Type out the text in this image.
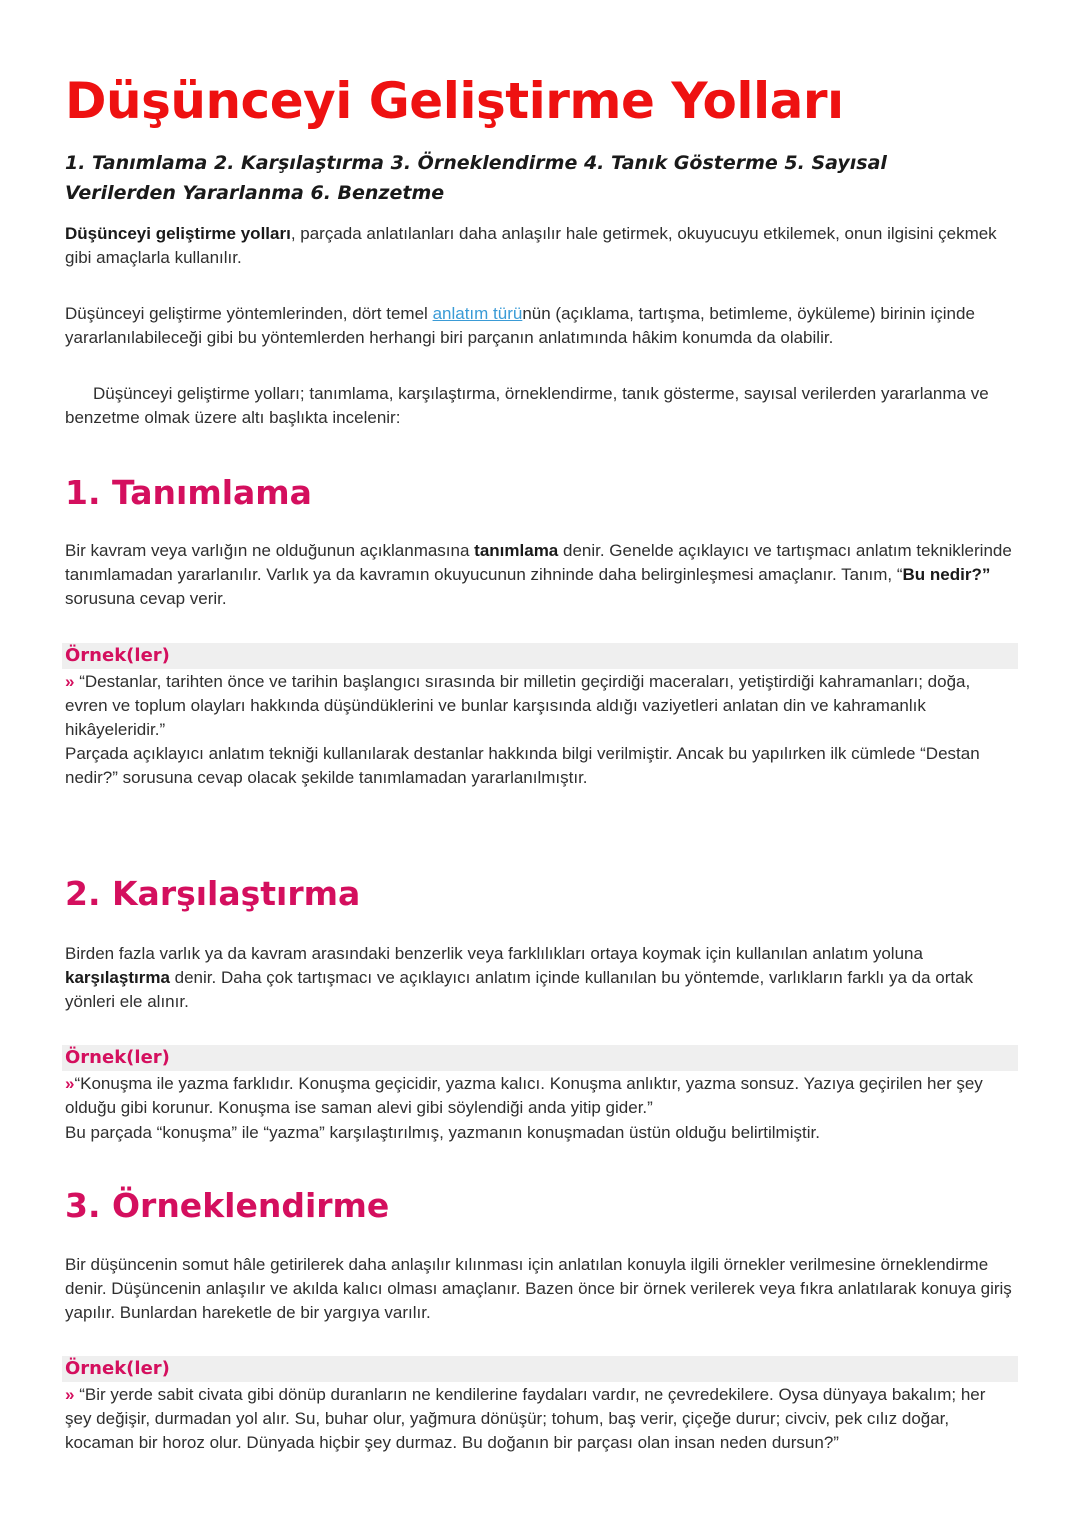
Düşünceyi Geliştirme Yolları
1. Tanımlama 2. Karşılaştırma 3. Örneklendirme 4. Tanık Gösterme 5. Sayısal Verilerden Yararlanma 6. Benzetme

Düşünceyi geliştirme yolları, parçada anlatılanları daha anlaşılır hale getirmek, okuyucuyu etkilemek, onun ilgisini çekmek gibi amaçlarla kullanılır.

Düşünceyi geliştirme yöntemlerinden, dört temel anlatım türünün (açıklama, tartışma, betimleme, öyküleme) birinin içinde yararlanılabileceği gibi bu yöntemlerden herhangi biri parçanın anlatımında hâkim konumda da olabilir.

Düşünceyi geliştirme yolları; tanımlama, karşılaştırma, örneklendirme, tanık gösterme, sayısal verilerden yararlanma ve benzetme olmak üzere altı başlıkta incelenir:

1. Tanımlama

Bir kavram veya varlığın ne olduğunun açıklanmasına tanımlama denir. Genelde açıklayıcı ve tartışmacı anlatım tekniklerinde tanımlamadan yararlanılır. Varlık ya da kavramın okuyucunun zihninde daha belirginleşmesi amaçlanır. Tanım, “Bu nedir?” sorusuna cevap verir.

Örnek(ler)

» “Destanlar, tarihten önce ve tarihin başlangıcı sırasında bir milletin geçirdiği maceraları, yetiştirdiği kahramanları; doğa, evren ve toplum olayları hakkında düşündüklerini ve bunlar karşısında aldığı vaziyetleri anlatan din ve kahramanlık hikâyeleridir.”

Parçada açıklayıcı anlatım tekniği kullanılarak destanlar hakkında bilgi verilmiştir. Ancak bu yapılırken ilk cümlede “Destan nedir?” sorusuna cevap olacak şekilde tanımlamadan yararlanılmıştır.

2. Karşılaştırma

Birden fazla varlık ya da kavram arasındaki benzerlik veya farklılıkları ortaya koymak için kullanılan anlatım yoluna karşılaştırma denir. Daha çok tartışmacı ve açıklayıcı anlatım içinde kullanılan bu yöntemde, varlıkların farklı ya da ortak yönleri ele alınır.

Örnek(ler)

»“Konuşma ile yazma farklıdır. Konuşma geçicidir, yazma kalıcı. Konuşma anlıktır, yazma sonsuz. Yazıya geçirilen her şey olduğu gibi korunur. Konuşma ise saman alevi gibi söylendiği anda yitip gider.”

Bu parçada “konuşma” ile “yazma” karşılaştırılmış, yazmanın konuşmadan üstün olduğu belirtilmiştir.

3. Örneklendirme

Bir düşüncenin somut hâle getirilerek daha anlaşılır kılınması için anlatılan konuyla ilgili örnekler verilmesine örneklendirme denir. Düşüncenin anlaşılır ve akılda kalıcı olması amaçlanır. Bazen önce bir örnek verilerek veya fıkra anlatılarak konuya giriş yapılır. Bunlardan hareketle de bir yargıya varılır.

Örnek(ler)

» “Bir yerde sabit civata gibi dönüp duranların ne kendilerine faydaları vardır, ne çevredekilere. Oysa dünyaya bakalım; her şey değişir, durmadan yol alır. Su, buhar olur, yağmura dönüşür; tohum, baş verir, çiçeğe durur; civciv, pek cılız doğar, kocaman bir horoz olur. Dünyada hiçbir şey durmaz. Bu doğanın bir parçası olan insan neden dursun?”
